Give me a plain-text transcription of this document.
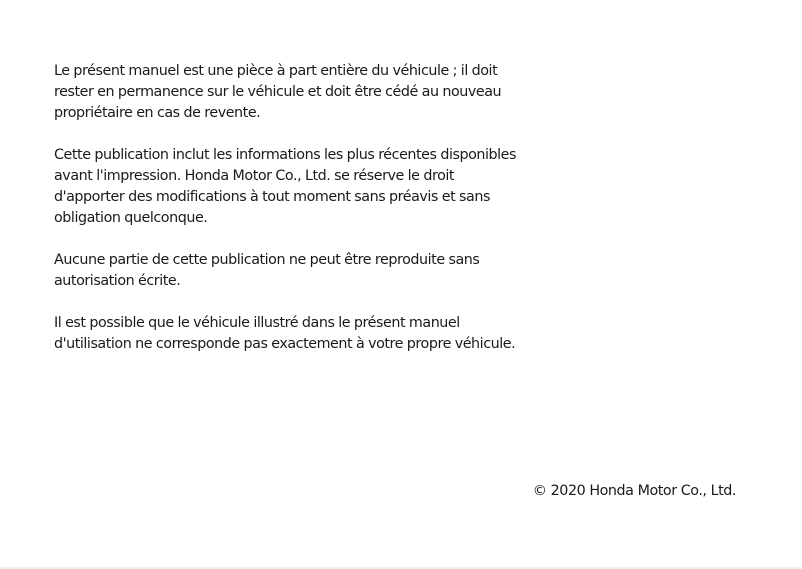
Le présent manuel est une pièce à part entière du véhicule ; il doit
rester en permanence sur le véhicule et doit être cédé au nouveau
propriétaire en cas de revente.

Cette publication inclut les informations les plus récentes disponibles
avant l'impression. Honda Motor Co., Ltd. se réserve le droit
d'apporter des modifications à tout moment sans préavis et sans
obligation quelconque.

Aucune partie de cette publication ne peut être reproduite sans
autorisation écrite.

Il est possible que le véhicule illustré dans le présent manuel
d'utilisation ne corresponde pas exactement à votre propre véhicule.

© 2020 Honda Motor Co., Ltd.
